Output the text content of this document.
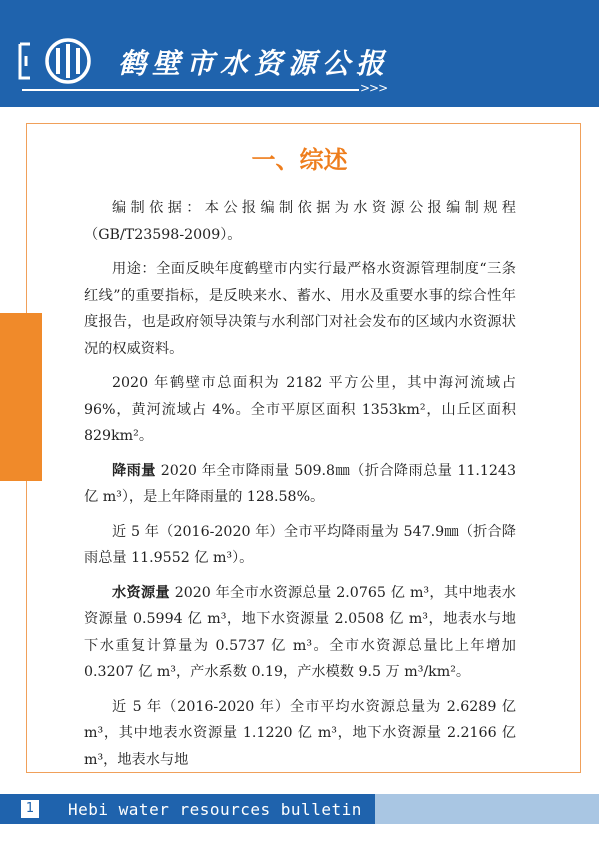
鹤壁市水资源公报
>>>
一、综述

编制依据：本公报编制依据为水资源公报编制规程（GB/T23598-2009）。

用途：全面反映年度鹤壁市内实行最严格水资源管理制度“三条红线”的重要指标，是反映来水、蓄水、用水及重要水事的综合性年度报告，也是政府领导决策与水利部门对社会发布的区域内水资源状况的权威资料。

2020 年鹤壁市总面积为 2182 平方公里，其中海河流域占 96%，黄河流域占 4%。全市平原区面积 1353km²，山丘区面积 829km²。

降雨量 2020 年全市降雨量 509.8㎜（折合降雨总量 11.1243 亿 m³），是上年降雨量的 128.58%。

近 5 年（2016-2020 年）全市平均降雨量为 547.9㎜（折合降雨总量 11.9552 亿 m³）。

水资源量 2020 年全市水资源总量 2.0765 亿 m³，其中地表水资源量 0.5994 亿 m³，地下水资源量 2.0508 亿 m³，地表水与地下水重复计算量为 0.5737 亿 m³。全市水资源总量比上年增加 0.3207 亿 m³，产水系数 0.19，产水模数 9.5 万 m³/km²。

近 5 年（2016-2020 年）全市平均水资源总量为 2.6289 亿 m³，其中地表水资源量 1.1220 亿 m³，地下水资源量 2.2166 亿 m³，地表水与地

1	Hebi water resources bulletin
